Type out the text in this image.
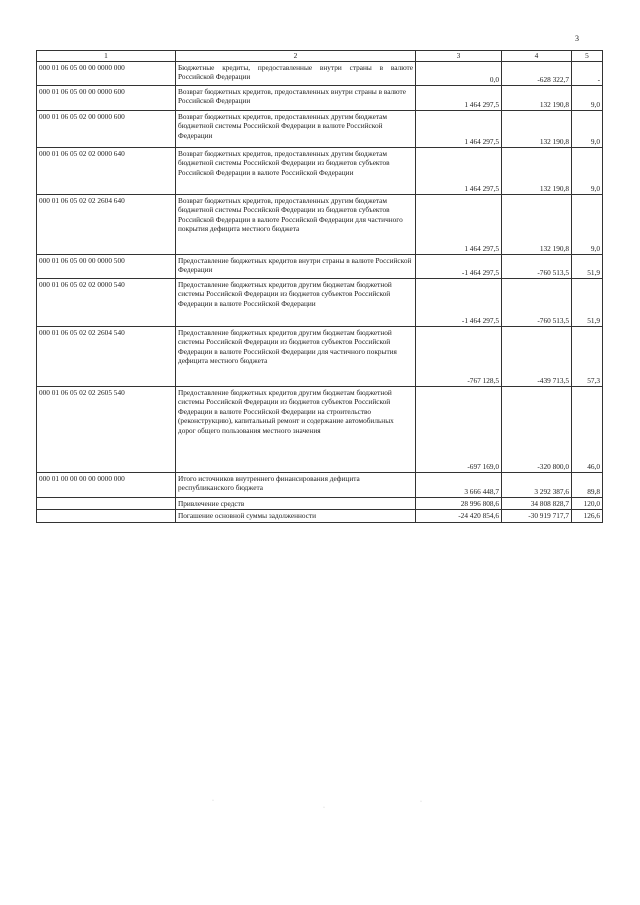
3
1	2	3	4	5
000 01 06 05 00 00 0000 000	Бюджетные кредиты, предоставленные внутри страны в валюте Российской Федерации	0,0	-628 322,7	-
000 01 06 05 00 00 0000 600	Возврат бюджетных кредитов, предоставленных внутри страны в валюте Российской Федерации	1 464 297,5	132 190,8	9,0
000 01 06 05 02 00 0000 600	Возврат бюджетных кредитов, предоставленных другим бюджетам бюджетной системы Российской Федерации в валюте Российской Федерации	1 464 297,5	132 190,8	9,0
000 01 06 05 02 02 0000 640	Возврат бюджетных кредитов, предоставленных другим бюджетам бюджетной системы Российской Федерации из бюджетов субъектов Российской Федерации в валюте Российской Федерации	1 464 297,5	132 190,8	9,0
000 01 06 05 02 02 2604 640	Возврат бюджетных кредитов, предоставленных другим бюджетам бюджетной системы Российской Федерации из бюджетов субъектов Российской Федерации в валюте Российской Федерации для частичного покрытия дефицита местного бюджета	1 464 297,5	132 190,8	9,0
000 01 06 05 00 00 0000 500	Предоставление бюджетных кредитов внутри страны в валюте Российской Федерации	-1 464 297,5	-760 513,5	51,9
000 01 06 05 02 02 0000 540	Предоставление бюджетных кредитов другим бюджетам бюджетной системы Российской Федерации из бюджетов субъектов Российской Федерации в валюте Российской Федерации	-1 464 297,5	-760 513,5	51,9
000 01 06 05 02 02 2604 540	Предоставление бюджетных кредитов другим бюджетам бюджетной системы Российской Федерации из бюджетов субъектов Российской Федерации в валюте Российской Федерации для частичного покрытия дефицита местного бюджета	-767 128,5	-439 713,5	57,3
000 01 06 05 02 02 2605 540	Предоставление бюджетных кредитов другим бюджетам бюджетной системы Российской Федерации из бюджетов субъектов Российской Федерации в валюте Российской Федерации на строительство (реконструкцию), капитальный ремонт и содержание автомобильных дорог общего пользования местного значения	-697 169,0	-320 800,0	46,0
000 01 00 00 00 00 0000 000	Итого источников внутреннего финансирования дефицита республиканского бюджета	3 666 448,7	3 292 387,6	89,8
	Привлечение средств	28 996 808,6	34 808 828,7	120,0
	Погашение основной суммы задолженности	-24 420 854,6	-30 919 717,7	126,6
·
·
·
